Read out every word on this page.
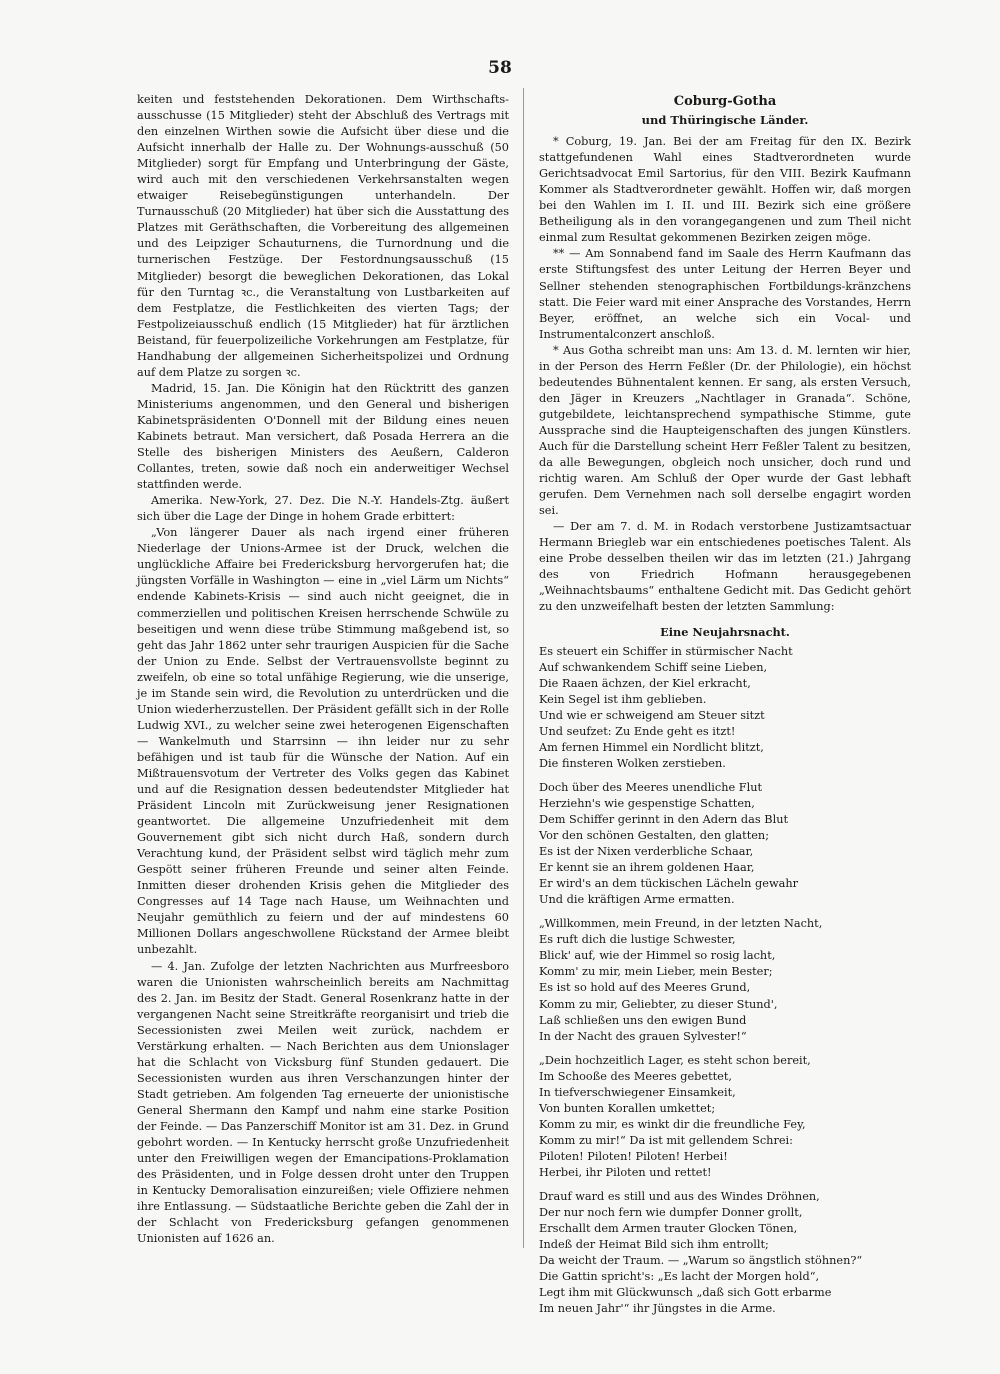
58

keiten und feststehenden Dekorationen. Dem Wirthschafts-ausschusse (15 Mitglieder) steht der Abschluß des Vertrags mit den einzelnen Wirthen sowie die Aufsicht über diese und die Aufsicht innerhalb der Halle zu. Der Wohnungs-ausschuß (50 Mitglieder) sorgt für Empfang und Unterbringung der Gäste, wird auch mit den verschiedenen Verkehrsanstalten wegen etwaiger Reisebegünstigungen unterhandeln. Der Turnausschuß (20 Mitglieder) hat über sich die Ausstattung des Platzes mit Geräthschaften, die Vorbereitung des allgemeinen und des Leipziger Schauturnens, die Turnordnung und die turnerischen Festzüge. Der Festordnungsausschuß (15 Mitglieder) besorgt die beweglichen Dekorationen, das Lokal für den Turntag ꝛc., die Veranstaltung von Lustbarkeiten auf dem Festplatze, die Festlichkeiten des vierten Tags; der Festpolizeiausschuß endlich (15 Mitglieder) hat für ärztlichen Beistand, für feuerpolizeiliche Vorkehrungen am Festplatze, für Handhabung der allgemeinen Sicherheitspolizei und Ordnung auf dem Platze zu sorgen ꝛc.

Madrid, 15. Jan. Die Königin hat den Rücktritt des ganzen Ministeriums angenommen, und den General und bisherigen Kabinetspräsidenten O'Donnell mit der Bildung eines neuen Kabinets betraut. Man versichert, daß Posada Herrera an die Stelle des bisherigen Ministers des Aeußern, Calderon Collantes, treten, sowie daß noch ein anderweitiger Wechsel stattfinden werde.

Amerika. New-York, 27. Dez. Die N.-Y. Handels-Ztg. äußert sich über die Lage der Dinge in hohem Grade erbittert:

„Von längerer Dauer als nach irgend einer früheren Niederlage der Unions-Armee ist der Druck, welchen die unglückliche Affaire bei Fredericksburg hervorgerufen hat; die jüngsten Vorfälle in Washington — eine in „viel Lärm um Nichts“ endende Kabinets-Krisis — sind auch nicht geeignet, die in commerziellen und politischen Kreisen herrschende Schwüle zu beseitigen und wenn diese trübe Stimmung maßgebend ist, so geht das Jahr 1862 unter sehr traurigen Auspicien für die Sache der Union zu Ende. Selbst der Vertrauensvollste beginnt zu zweifeln, ob eine so total unfähige Regierung, wie die unserige, je im Stande sein wird, die Revolution zu unterdrücken und die Union wiederherzustellen. Der Präsident gefällt sich in der Rolle Ludwig XVI., zu welcher seine zwei heterogenen Eigenschaften — Wankelmuth und Starrsinn — ihn leider nur zu sehr befähigen und ist taub für die Wünsche der Nation. Auf ein Mißtrauensvotum der Vertreter des Volks gegen das Kabinet und auf die Resignation dessen bedeutendster Mitglieder hat Präsident Lincoln mit Zurückweisung jener Resignationen geantwortet. Die allgemeine Unzufriedenheit mit dem Gouvernement gibt sich nicht durch Haß, sondern durch Verachtung kund, der Präsident selbst wird täglich mehr zum Gespött seiner früheren Freunde und seiner alten Feinde. Inmitten dieser drohenden Krisis gehen die Mitglieder des Congresses auf 14 Tage nach Hause, um Weihnachten und Neujahr gemüthlich zu feiern und der auf mindestens 60 Millionen Dollars angeschwollene Rückstand der Armee bleibt unbezahlt.

— 4. Jan. Zufolge der letzten Nachrichten aus Murfreesboro waren die Unionisten wahrscheinlich bereits am Nachmittag des 2. Jan. im Besitz der Stadt. General Rosenkranz hatte in der vergangenen Nacht seine Streitkräfte reorganisirt und trieb die Secessionisten zwei Meilen weit zurück, nachdem er Verstärkung erhalten. — Nach Berichten aus dem Unionslager hat die Schlacht von Vicksburg fünf Stunden gedauert. Die Secessionisten wurden aus ihren Verschanzungen hinter der Stadt getrieben. Am folgenden Tag erneuerte der unionistische General Shermann den Kampf und nahm eine starke Position der Feinde. — Das Panzerschiff Monitor ist am 31. Dez. in Grund gebohrt worden. — In Kentucky herrscht große Unzufriedenheit unter den Freiwilligen wegen der Emancipations-Proklamation des Präsidenten, und in Folge dessen droht unter den Truppen in Kentucky Demoralisation einzureißen; viele Offiziere nehmen ihre Entlassung. — Südstaatliche Berichte geben die Zahl der in der Schlacht von Fredericksburg gefangen genommenen Unionisten auf 1626 an.

Coburg-Gotha
und Thüringische Länder.

* Coburg, 19. Jan. Bei der am Freitag für den IX. Bezirk stattgefundenen Wahl eines Stadtverordneten wurde Gerichtsadvocat Emil Sartorius, für den VIII. Bezirk Kaufmann Kommer als Stadtverordneter gewählt. Hoffen wir, daß morgen bei den Wahlen im I. II. und III. Bezirk sich eine größere Betheiligung als in den vorangegangenen und zum Theil nicht einmal zum Resultat gekommenen Bezirken zeigen möge.

** — Am Sonnabend fand im Saale des Herrn Kaufmann das erste Stiftungsfest des unter Leitung der Herren Beyer und Sellner stehenden stenographischen Fortbildungs-kränzchens statt. Die Feier ward mit einer Ansprache des Vorstandes, Herrn Beyer, eröffnet, an welche sich ein Vocal- und Instrumentalconzert anschloß.

* Aus Gotha schreibt man uns: Am 13. d. M. lernten wir hier, in der Person des Herrn Feßler (Dr. der Philologie), ein höchst bedeutendes Bühnentalent kennen. Er sang, als ersten Versuch, den Jäger in Kreuzers „Nachtlager in Granada“. Schöne, gutgebildete, leichtansprechend sympathische Stimme, gute Aussprache sind die Haupteigenschaften des jungen Künstlers. Auch für die Darstellung scheint Herr Feßler Talent zu besitzen, da alle Bewegungen, obgleich noch unsicher, doch rund und richtig waren. Am Schluß der Oper wurde der Gast lebhaft gerufen. Dem Vernehmen nach soll derselbe engagirt worden sei.

— Der am 7. d. M. in Rodach verstorbene Justizamtsactuar Hermann Briegleb war ein entschiedenes poetisches Talent. Als eine Probe desselben theilen wir das im letzten (21.) Jahrgang des von Friedrich Hofmann herausgegebenen „Weihnachtsbaums“ enthaltene Gedicht mit. Das Gedicht gehört zu den unzweifelhaft besten der letzten Sammlung:

Eine Neujahrsnacht.
Es steuert ein Schiffer in stürmischer Nacht
Auf schwankendem Schiff seine Lieben,
Die Raaen ächzen, der Kiel erkracht,
Kein Segel ist ihm geblieben.
Und wie er schweigend am Steuer sitzt
Und seufzet: Zu Ende geht es itzt!
Am fernen Himmel ein Nordlicht blitzt,
Die finsteren Wolken zerstieben.
Doch über des Meeres unendliche Flut
Herziehn's wie gespenstige Schatten,
Dem Schiffer gerinnt in den Adern das Blut
Vor den schönen Gestalten, den glatten;
Es ist der Nixen verderbliche Schaar,
Er kennt sie an ihrem goldenen Haar,
Er wird's an dem tückischen Lächeln gewahr
Und die kräftigen Arme ermatten.
„Willkommen, mein Freund, in der letzten Nacht,
Es ruft dich die lustige Schwester,
Blick' auf, wie der Himmel so rosig lacht,
Komm' zu mir, mein Lieber, mein Bester;
Es ist so hold auf des Meeres Grund,
Komm zu mir, Geliebter, zu dieser Stund',
Laß schließen uns den ewigen Bund
In der Nacht des grauen Sylvester!“
„Dein hochzeitlich Lager, es steht schon bereit,
Im Schooße des Meeres gebettet,
In tiefverschwiegener Einsamkeit,
Von bunten Korallen umkettet;
Komm zu mir, es winkt dir die freundliche Fey,
Komm zu mir!“ Da ist mit gellendem Schrei:
Piloten! Piloten! Piloten! Herbei!
Herbei, ihr Piloten und rettet!
Drauf ward es still und aus des Windes Dröhnen,
Der nur noch fern wie dumpfer Donner grollt,
Erschallt dem Armen trauter Glocken Tönen,
Indeß der Heimat Bild sich ihm entrollt;
Da weicht der Traum. — „Warum so ängstlich stöhnen?“
Die Gattin spricht's: „Es lacht der Morgen hold“,
Legt ihm mit Glückwunsch „daß sich Gott erbarme
Im neuen Jahr'“ ihr Jüngstes in die Arme.
